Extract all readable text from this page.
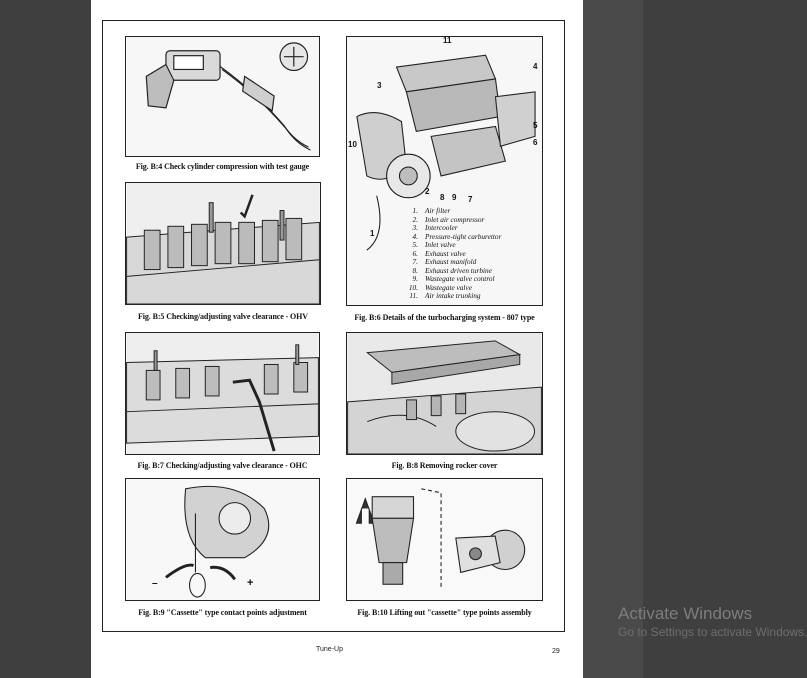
Fig. B:4 Check cylinder compression with test gauge
11
3
4
5
6
10
2
8 9 7
1
1. Air filter
2. Inlet air compressor
3. Intercooler
4. Pressure-tight carburettor
5. Inlet valve
6. Exhaust valve
7. Exhaust manifold
8. Exhaust driven turbine
9. Wastegate valve control
10. Wastegate valve
11. Air intake trunking
Fig. B:6 Details of the turbocharging system - 807 type
Fig. B:5 Checking/adjusting valve clearance - OHV
Fig. B:7 Checking/adjusting valve clearance - OHC	Fig. B:8 Removing rocker cover
–	+
Fig. B:9 "Cassette" type contact points adjustment	Fig. B:10 Lifting out "cassette" type points assembly
Tune-Up	29
Activate Windows
Go to Settings to activate Windows.
